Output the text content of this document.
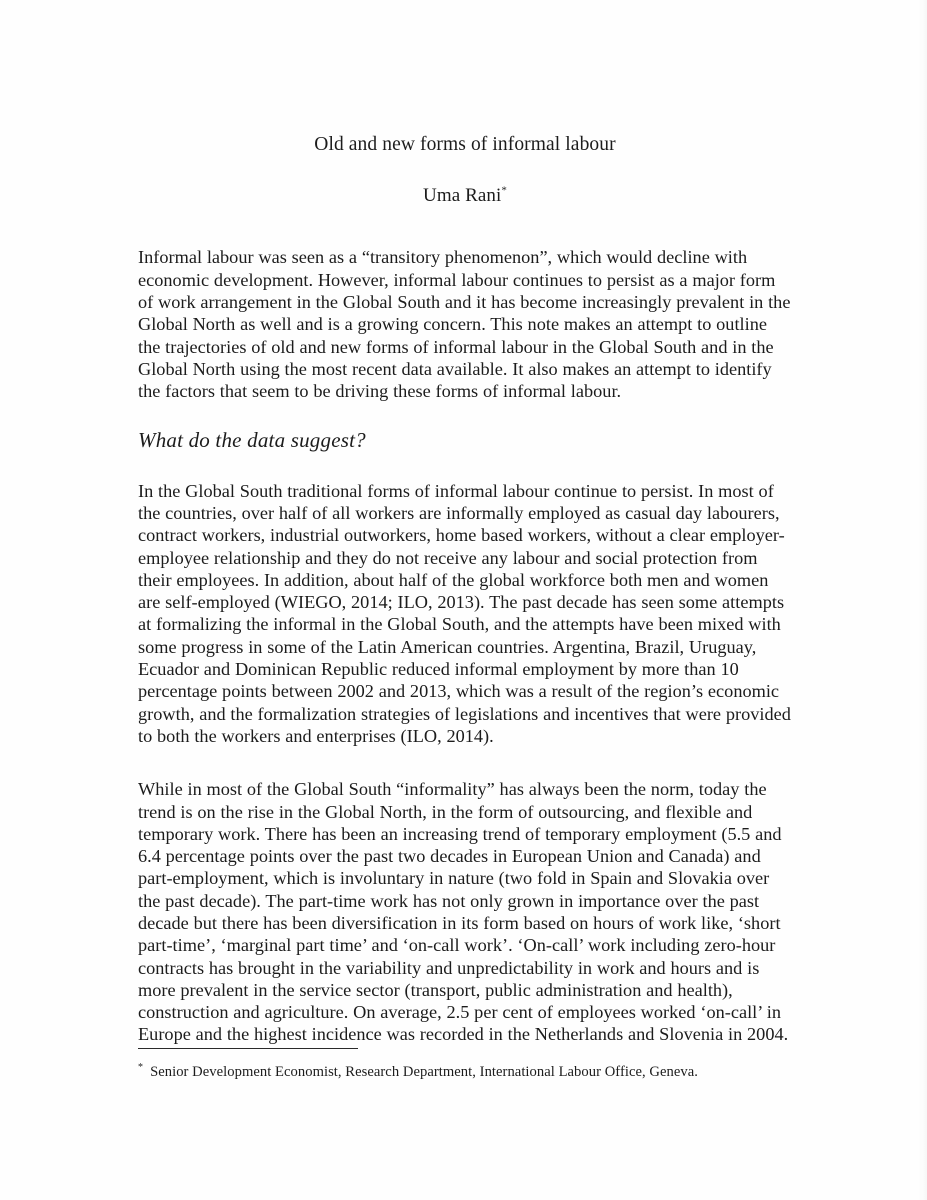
Old and new forms of informal labour

Uma Rani*

Informal labour was seen as a “transitory phenomenon”, which would decline with economic development. However, informal labour continues to persist as a major form of work arrangement in the Global South and it has become increasingly prevalent in the Global North as well and is a growing concern. This note makes an attempt to outline the trajectories of old and new forms of informal labour in the Global South and in the Global North using the most recent data available. It also makes an attempt to identify the factors that seem to be driving these forms of informal labour.

What do the data suggest?

In the Global South traditional forms of informal labour continue to persist. In most of the countries, over half of all workers are informally employed as casual day labourers, contract workers, industrial outworkers, home based workers, without a clear employer-employee relationship and they do not receive any labour and social protection from their employees. In addition, about half of the global workforce both men and women are self-employed (WIEGO, 2014; ILO, 2013). The past decade has seen some attempts at formalizing the informal in the Global South, and the attempts have been mixed with some progress in some of the Latin American countries. Argentina, Brazil, Uruguay, Ecuador and Dominican Republic reduced informal employment by more than 10 percentage points between 2002 and 2013, which was a result of the region’s economic growth, and the formalization strategies of legislations and incentives that were provided to both the workers and enterprises (ILO, 2014).

While in most of the Global South “informality” has always been the norm, today the trend is on the rise in the Global North, in the form of outsourcing, and flexible and temporary work. There has been an increasing trend of temporary employment (5.5 and 6.4 percentage points over the past two decades in European Union and Canada) and part-employment, which is involuntary in nature (two fold in Spain and Slovakia over the past decade). The part-time work has not only grown in importance over the past decade but there has been diversification in its form based on hours of work like, ‘short part-time’, ‘marginal part time’ and ‘on-call work’. ‘On-call’ work including zero-hour contracts has brought in the variability and unpredictability in work and hours and is more prevalent in the service sector (transport, public administration and health), construction and agriculture. On average, 2.5 per cent of employees worked ‘on-call’ in Europe and the highest incidence was recorded in the Netherlands and Slovenia in 2004.

* Senior Development Economist, Research Department, International Labour Office, Geneva.
